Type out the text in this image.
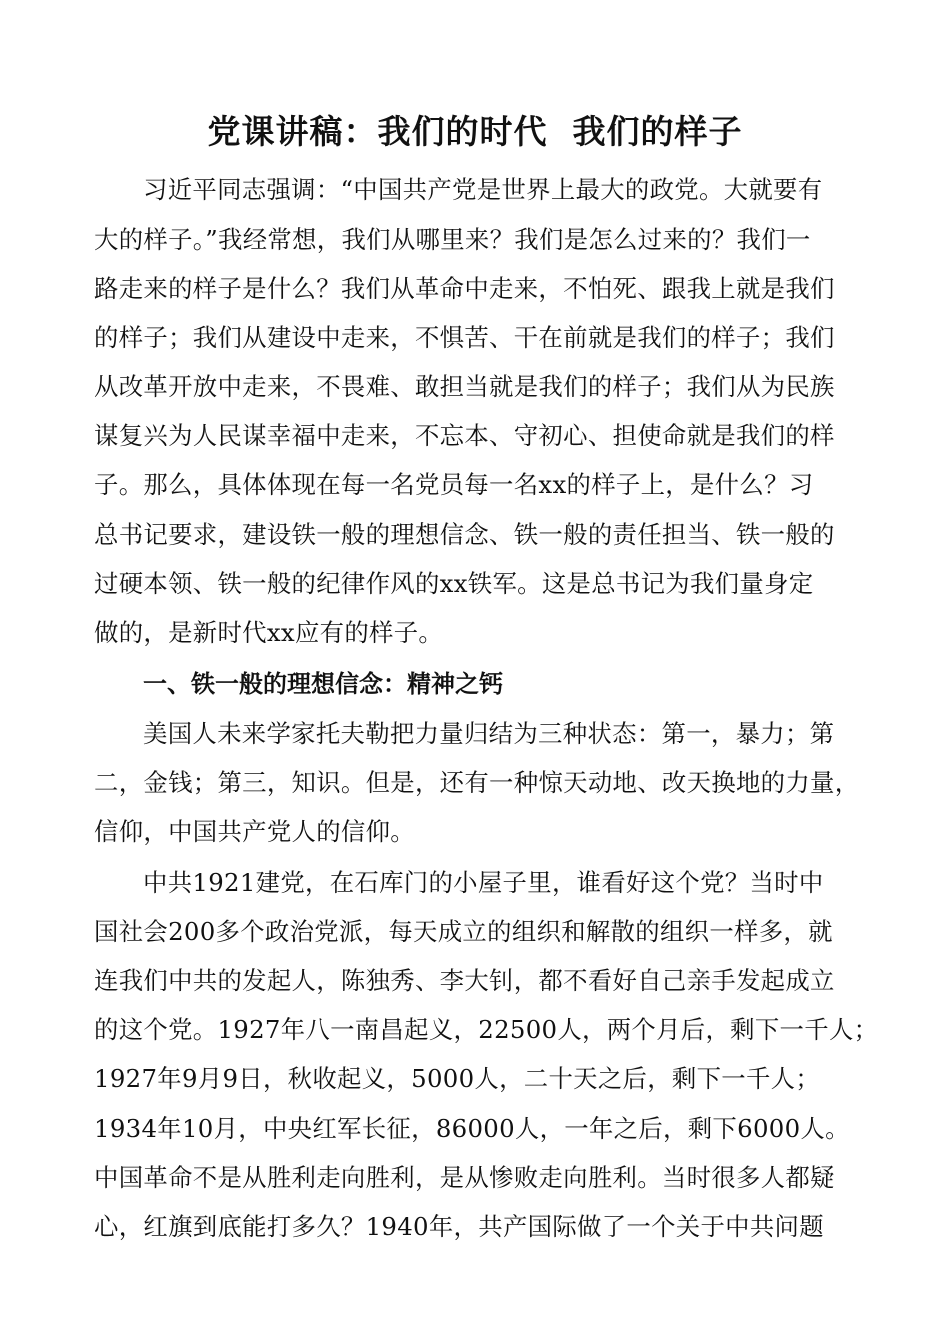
党课讲稿：我们的时代  我们的样子
习近平同志强调：“中国共产党是世界上最大的政党。大就要有
大的样子。”我经常想，我们从哪里来？我们是怎么过来的？我们一
路走来的样子是什么？我们从革命中走来，不怕死、跟我上就是我们
的样子；我们从建设中走来，不惧苦、干在前就是我们的样子；我们
从改革开放中走来，不畏难、敢担当就是我们的样子；我们从为民族
谋复兴为人民谋幸福中走来，不忘本、守初心、担使命就是我们的样
子。那么，具体体现在每一名党员每一名xx的样子上，是什么？习
总书记要求，建设铁一般的理想信念、铁一般的责任担当、铁一般的
过硬本领、铁一般的纪律作风的xx铁军。这是总书记为我们量身定
做的，是新时代xx应有的样子。
一、铁一般的理想信念：精神之钙
美国人未来学家托夫勒把力量归结为三种状态：第一，暴力；第
二，金钱；第三，知识。但是，还有一种惊天动地、改天换地的力量，
信仰，中国共产党人的信仰。
中共1921建党，在石库门的小屋子里，谁看好这个党？当时中
国社会200多个政治党派，每天成立的组织和解散的组织一样多，就
连我们中共的发起人，陈独秀、李大钊，都不看好自己亲手发起成立
的这个党。1927年八一南昌起义，22500人，两个月后，剩下一千人；
1927年9月9日，秋收起义，5000人，二十天之后，剩下一千人；
1934年10月，中央红军长征，86000人，一年之后，剩下6000人。
中国革命不是从胜利走向胜利，是从惨败走向胜利。当时很多人都疑
心，红旗到底能打多久？1940年，共产国际做了一个关于中共问题
